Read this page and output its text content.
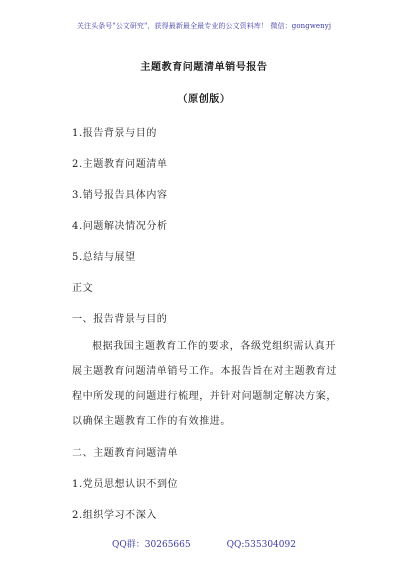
关注头条号"公文研究"，获得最新最全最专业的公文资料库！ 微信：gongwenyj
主题教育问题清单销号报告
（原创版）
1.报告背景与目的
2.主题教育问题清单
3.销号报告具体内容
4.问题解决情况分析
5.总结与展望
正文
一、报告背景与目的
根据我国主题教育工作的要求，各级党组织需认真开
展主题教育问题清单销号工作。本报告旨在对主题教育过
程中所发现的问题进行梳理，并针对问题制定解决方案，
以确保主题教育工作的有效推进。
二、主题教育问题清单
1.党员思想认识不到位
2.组织学习不深入
QQ群：30265665	QQ:535304092
